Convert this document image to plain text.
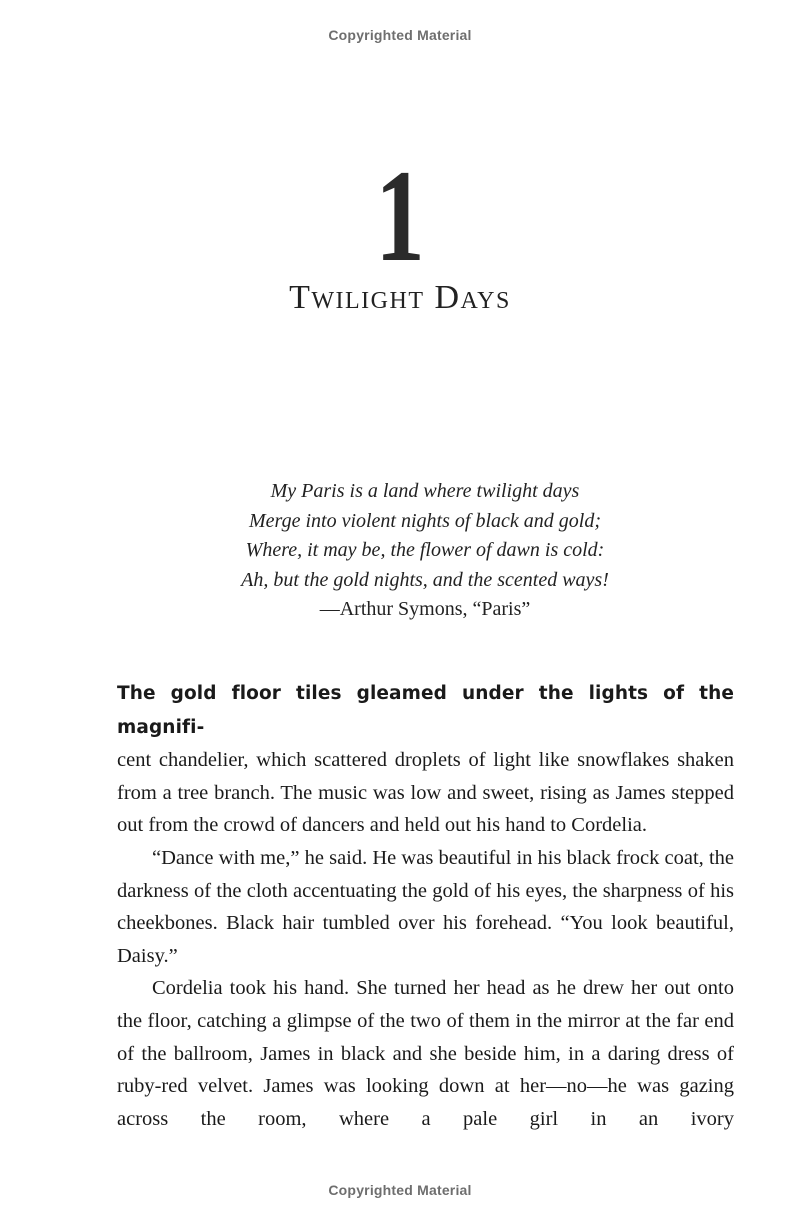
Copyrighted Material
1
Twilight Days
My Paris is a land where twilight days
Merge into violent nights of black and gold;
Where, it may be, the flower of dawn is cold:
Ah, but the gold nights, and the scented ways!
—Arthur Symons, “Paris”

The gold floor tiles gleamed under the lights of the magnifi-

cent chandelier, which scattered droplets of light like snowflakes shaken from a tree branch. The music was low and sweet, rising as James stepped out from the crowd of dancers and held out his hand to Cordelia.

“Dance with me,” he said. He was beautiful in his black frock coat, the darkness of the cloth accentuating the gold of his eyes, the sharpness of his cheekbones. Black hair tumbled over his forehead. “You look beautiful, Daisy.”

Cordelia took his hand. She turned her head as he drew her out onto the floor, catching a glimpse of the two of them in the mirror at the far end of the ballroom, James in black and she beside him, in a daring dress of ruby-red velvet. James was looking down at her—no—he was gazing across the room, where a pale girl in an ivory

Copyrighted Material
